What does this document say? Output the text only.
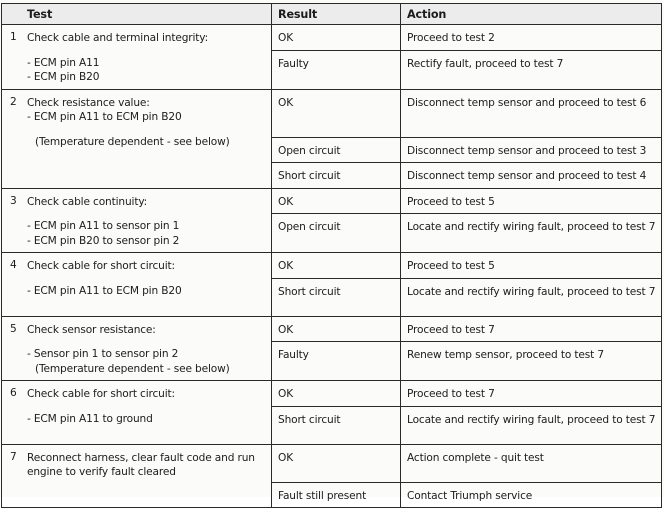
Test	Result	Action

1 Check cable and terminal integrity:
- ECM pin A11
- ECM pin B20	OK	Proceed to test 2
	Faulty	Rectify fault, proceed to test 7

2 Check resistance value:
- ECM pin A11 to ECM pin B20
(Temperature dependent - see below)	OK	Disconnect temp sensor and proceed to test 6
	Open circuit	Disconnect temp sensor and proceed to test 3
	Short circuit	Disconnect temp sensor and proceed to test 4

3 Check cable continuity:
- ECM pin A11 to sensor pin 1
- ECM pin B20 to sensor pin 2	OK	Proceed to test 5
	Open circuit	Locate and rectify wiring fault, proceed to test 7

4 Check cable for short circuit:
- ECM pin A11 to ECM pin B20	OK	Proceed to test 5
	Short circuit	Locate and rectify wiring fault, proceed to test 7

5 Check sensor resistance:
- Sensor pin 1 to sensor pin 2
(Temperature dependent - see below)	OK	Proceed to test 7
	Faulty	Renew temp sensor, proceed to test 7

6 Check cable for short circuit:
- ECM pin A11 to ground	OK	Proceed to test 7
	Short circuit	Locate and rectify wiring fault, proceed to test 7

7 Reconnect harness, clear fault code and run engine to verify fault cleared	OK	Action complete - quit test
	Fault still present	Contact Triumph service
